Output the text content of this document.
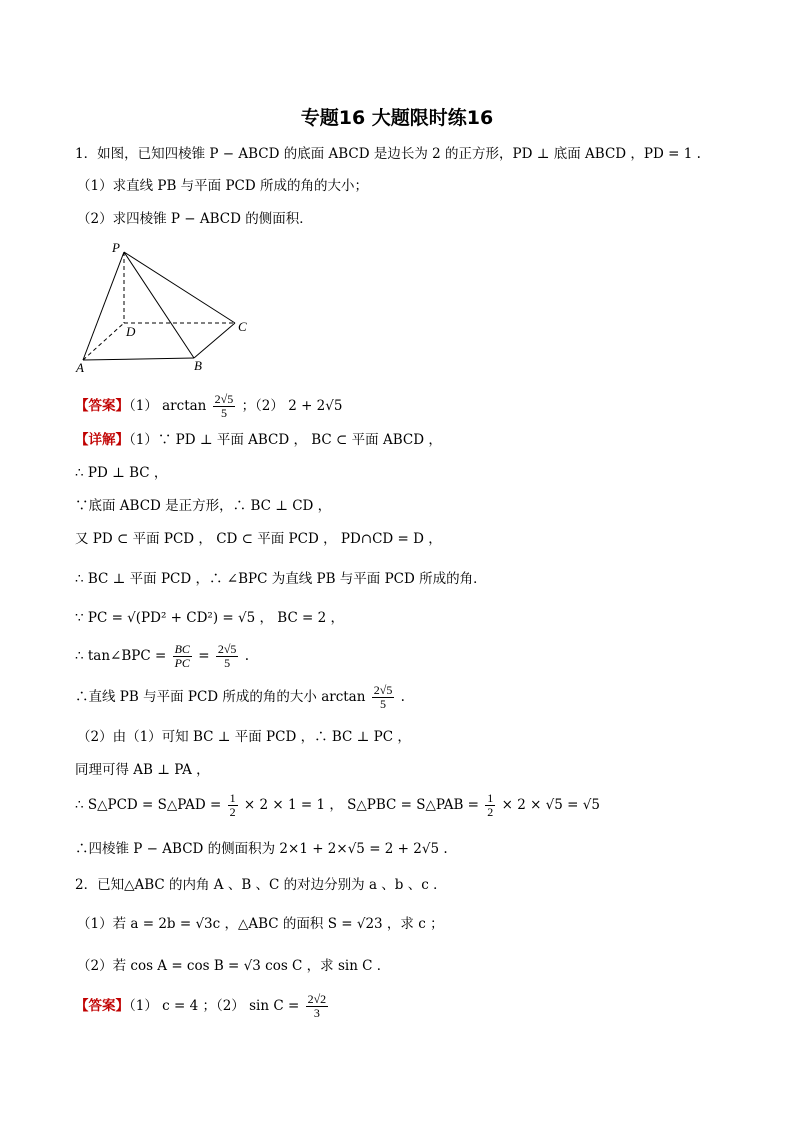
专题16 大题限时练16
1．如图，已知四棱锥 P − ABCD 的底面 ABCD 是边长为 2 的正方形，PD ⊥ 底面 ABCD ，PD = 1 .
（1）求直线 PB 与平面 PCD 所成的角的大小；
（2）求四棱锥 P − ABCD 的侧面积．
P
D	C
A	B
【答案】（1） $\arctan \frac{2√5}{5}$ ；（2） 2 + 2√5
【详解】（1）∵ PD ⊥ 平面 ABCD ， BC ⊂ 平面 ABCD ，
∴ PD ⊥ BC ，
∵底面 ABCD 是正方形，∴ BC ⊥ CD ，
又 PD ⊂ 平面 PCD ， CD ⊂ 平面 PCD ， PD∩CD = D ，
∴ BC ⊥ 平面 PCD ，∴ ∠BPC 为直线 PB 与平面 PCD 所成的角．
∵ PC = √(PD² + CD²) = √5 ， BC = 2 ，
∴ tan∠BPC = $\frac{BC}{PC} = \frac{2√5}{5}$ .
∴直线 PB 与平面 PCD 所成的角的大小 $\arctan \frac{2√5}{5}$ .
（2）由（1）可知 BC ⊥ 平面 PCD ，∴ BC ⊥ PC ，
同理可得 AB ⊥ PA ，
∴ S△PCD = S△PAD = $\frac{1}{2} \times 2 \times 1 = 1$ ， S△PBC = S△PAB = $\frac{1}{2} \times 2 \times √5 = √5$
∴四棱锥 P − ABCD 的侧面积为 2×1 + 2×√5 = 2 + 2√5 .
2．已知△ABC 的内角 A 、B 、C 的对边分别为 a 、b 、c ．
（1）若 a = 2b = √3c ，△ABC 的面积 S = √23 ，求 c ；
（2）若 cos A = cos B = √3 cos C ，求 sin C ．
【答案】（1） c = 4 ；（2） $\sin C = \frac{2√2}{3}$
